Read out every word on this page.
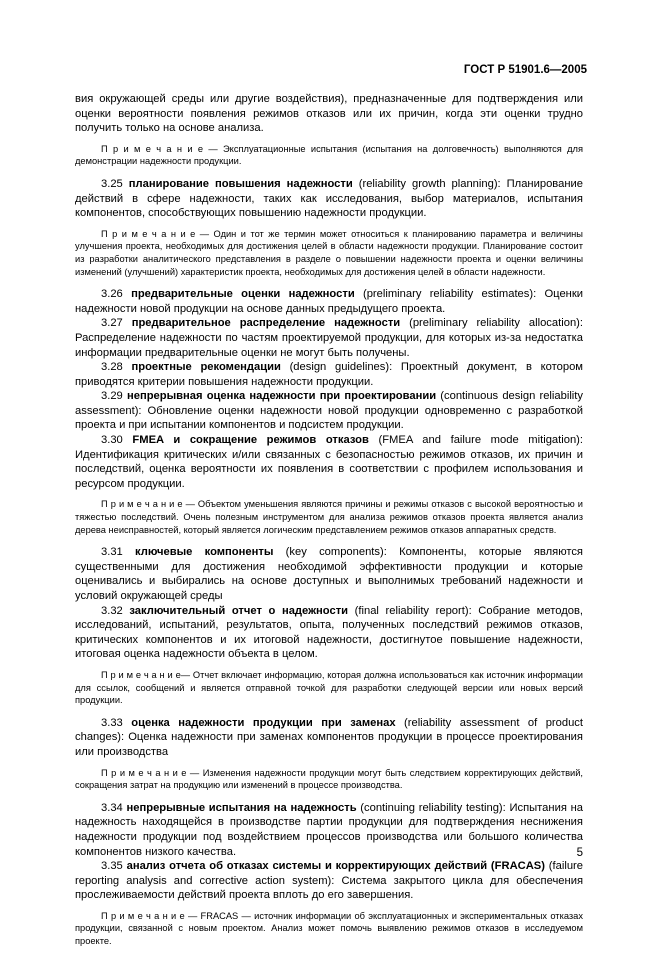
ГОСТ Р 51901.6—2005

вия окружающей среды или другие воздействия), предназначенные для подтверждения или оценки вероятности появления режимов отказов или их причин, когда эти оценки трудно получить только на основе анализа.

П р и м е ч а н и е — Эксплуатационные испытания (испытания на долговечность) выполняются для демонстрации надежности продукции.

3.25 планирование повышения надежности (reliability growth planning): Планирование действий в сфере надежности, таких как исследования, выбор материалов, испытания компонентов, способствующих повышению надежности продукции.

П р и м е ч а н и е — Один и тот же термин может относиться к планированию параметра и величины улучшения проекта, необходимых для достижения целей в области надежности продукции. Планирование состоит из разработки аналитического представления в разделе о повышении надежности проекта и оценки величины изменений (улучшений) характеристик проекта, необходимых для достижения целей в области надежности.

3.26 предварительные оценки надежности (preliminary reliability estimates): Оценки надежности новой продукции на основе данных предыдущего проекта.

3.27 предварительное распределение надежности (preliminary reliability allocation): Распределение надежности по частям проектируемой продукции, для которых из-за недостатка информации предварительные оценки не могут быть получены.

3.28 проектные рекомендации (design guidelines): Проектный документ, в котором приводятся критерии повышения надежности продукции.

3.29 непрерывная оценка надежности при проектировании (continuous design reliability assessment): Обновление оценки надежности новой продукции одновременно с разработкой проекта и при испытании компонентов и подсистем продукции.

3.30 FMEA и сокращение режимов отказов (FMEA and failure mode mitigation): Идентификация критических и/или связанных с безопасностью режимов отказов, их причин и последствий, оценка вероятности их появления в соответствии с профилем использования и ресурсом продукции.

П р и м е ч а н и е — Объектом уменьшения являются причины и режимы отказов с высокой вероятностью и тяжестью последствий. Очень полезным инструментом для анализа режимов отказов проекта является анализ дерева неисправностей, который является логическим представлением режимов отказов аппаратных средств.

3.31 ключевые компоненты (key components): Компоненты, которые являются существенными для достижения необходимой эффективности продукции и которые оценивались и выбирались на основе доступных и выполнимых требований надежности и условий окружающей среды

3.32 заключительный отчет о надежности (final reliability report): Собрание методов, исследований, испытаний, результатов, опыта, полученных последствий режимов отказов, критических компонентов и их итоговой надежности, достигнутое повышение надежности, итоговая оценка надежности объекта в целом.

П р и м е ч а н и е— Отчет включает информацию, которая должна использоваться как источник информации для ссылок, сообщений и является отправной точкой для разработки следующей версии или новых версий продукции.

3.33 оценка надежности продукции при заменах (reliability assessment of product changes): Оценка надежности при заменах компонентов продукции в процессе проектирования или производства

П р и м е ч а н и е — Изменения надежности продукции могут быть следствием корректирующих действий, сокращения затрат на продукцию или изменений в процессе производства.

3.34 непрерывные испытания на надежность (continuing reliability testing): Испытания на надежность находящейся в производстве партии продукции для подтверждения неснижения надежности продукции под воздействием процессов производства или большого количества компонентов низкого качества.

3.35 анализ отчета об отказах системы и корректирующих действий (FRACAS) (failure reporting analysis and corrective action system): Система закрытого цикла для обеспечения прослеживаемости действий проекта вплоть до его завершения.

П р и м е ч а н и е — FRACAS — источник информации об эксплуатационных и экспериментальных отказах продукции, связанной с новым проектом. Анализ может помочь выявлению режимов отказов в исследуемом проекте.

5
